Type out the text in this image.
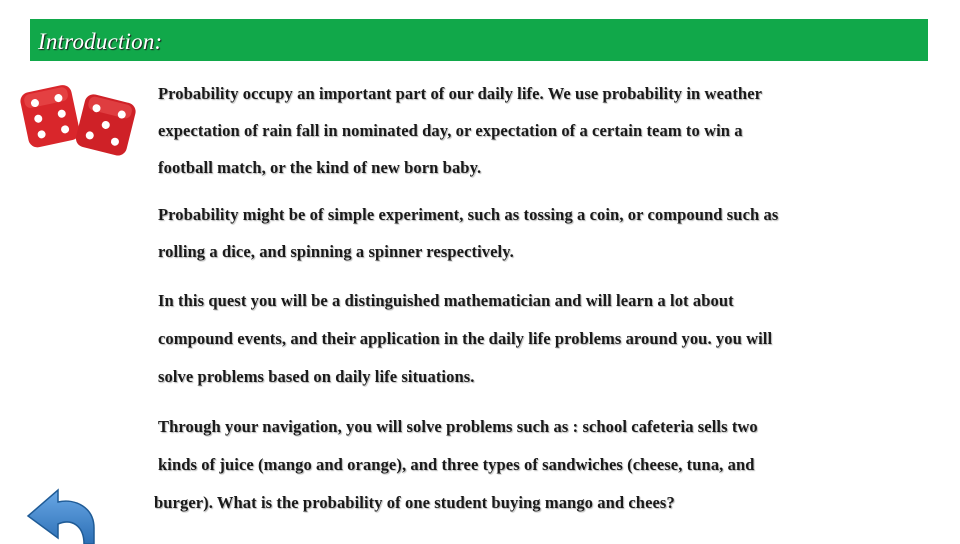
Introduction:

Probability occupy an important part of our daily life. We use probability in weather
expectation of rain fall in nominated day, or expectation of a certain team to win a
football match, or the kind of new born baby.

Probability might be of simple experiment, such as tossing a coin, or compound such as
rolling a dice, and spinning a spinner respectively.

In this quest you will be a distinguished mathematician and will learn a lot about
compound events, and their application in the daily life problems around you. you will
solve problems based on daily life situations.

Through your navigation, you will solve problems such as : school cafeteria sells two
kinds of juice (mango and orange), and three types of sandwiches (cheese, tuna, and
burger). What is the probability of one student buying mango and chees?
